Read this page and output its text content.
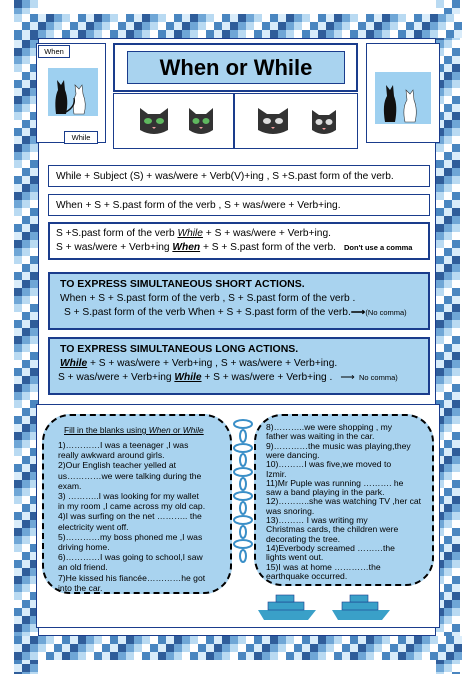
When
While
When or While
While + Subject (S) + was/were + Verb(V)+ing , S +S.past form of the verb.
When + S + S.past form of the verb , S + was/were + Verb+ing.
S +S.past form of the verb While + S + was/were + Verb+ing.
S + was/were + Verb+ing When + S + S.past form of the verb. Don't use a comma
TO EXPRESS SIMULTANEOUS SHORT ACTIONS.
When + S + S.past form of the verb , S + S.past form of the verb .
S + S.past form of the verb When + S + S.past form of the verb.⟶(No comma)
TO EXPRESS SIMULTANEOUS LONG ACTIONS.
While + S + was/were + Verb+ing , S + was/were + Verb+ing.
S + was/were + Verb+ing While + S + was/were + Verb+ing . ⟶ No comma)
Fill in the blanks using When or While
1)…………I was a teenager ,I was
really awkward around girls.
2)Our English teacher yelled at
us…………we were talking during the
exam.
3) ………..I was looking for my wallet
in my room ,I came across my old cap.
4)I was surfing on the net ……….. the
electricity went off.
5)…………my boss phoned me ,I was
driving home.
6)…………I was going to school,I saw
an old friend.
7)He kissed his fiancée…………he got
into the car.
8)………..we were shopping , my
father was waiting in the car.
9)…………the music was playing,they
were dancing.
10)………I was five,we moved to
Izmir.
11)Mr Puple was running ………. he
saw a band playing in the park.
12)………..she was watching TV ,her cat
was snoring.
13)……… I was writing my
Christmas cards, the children were
decorating the tree.
14)Everbody screamed ………the
lights went out.
15)I was at home …………the
earthquake occurred.
